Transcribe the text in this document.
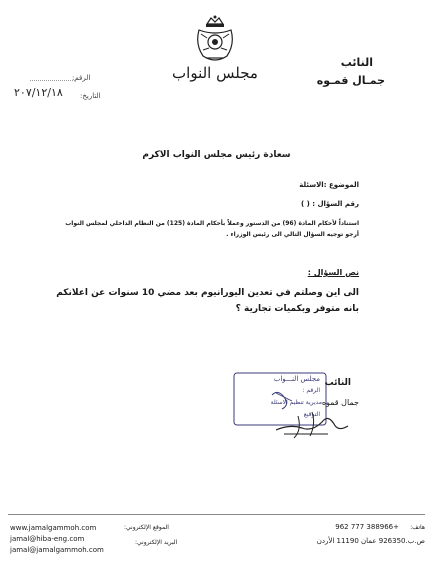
مجلس النواب
النائب
جمـال قمـوه
الرقم:
التاريخ:
٢٠٧/١٢/١٨
سعادة رئيس مجلس النواب الاكرم
الموضوع :الاسئلة
رقم السؤال : ( )
استناداً لأحكام المادة (96) من الدستور وعملاً بأحكام المادة (125) من النظام الداخلي لمجلس النواب أرجو توجيه السؤال التالي الى رئيس الوزراء .
نص السؤال :
الى اين وصلتم في تعدين اليورانيوم بعد مضي 10 سنوات عن اعلانكم بانه متوفر وبكميات تجارية ؟
مجلس النـــواب
الرقم :
مديرية تنظيم الاسئلة
التوقيع
النائب
جمال قموه
www.jamalgammoh.com
jamal@hiba-eng.com
jamal@jamalgammoh.com
الموقع الإلكتروني:
البريد الإلكتروني:
هاتف:
962 777 388966+
ص.ب.926350 عمان 11190 الأردن
